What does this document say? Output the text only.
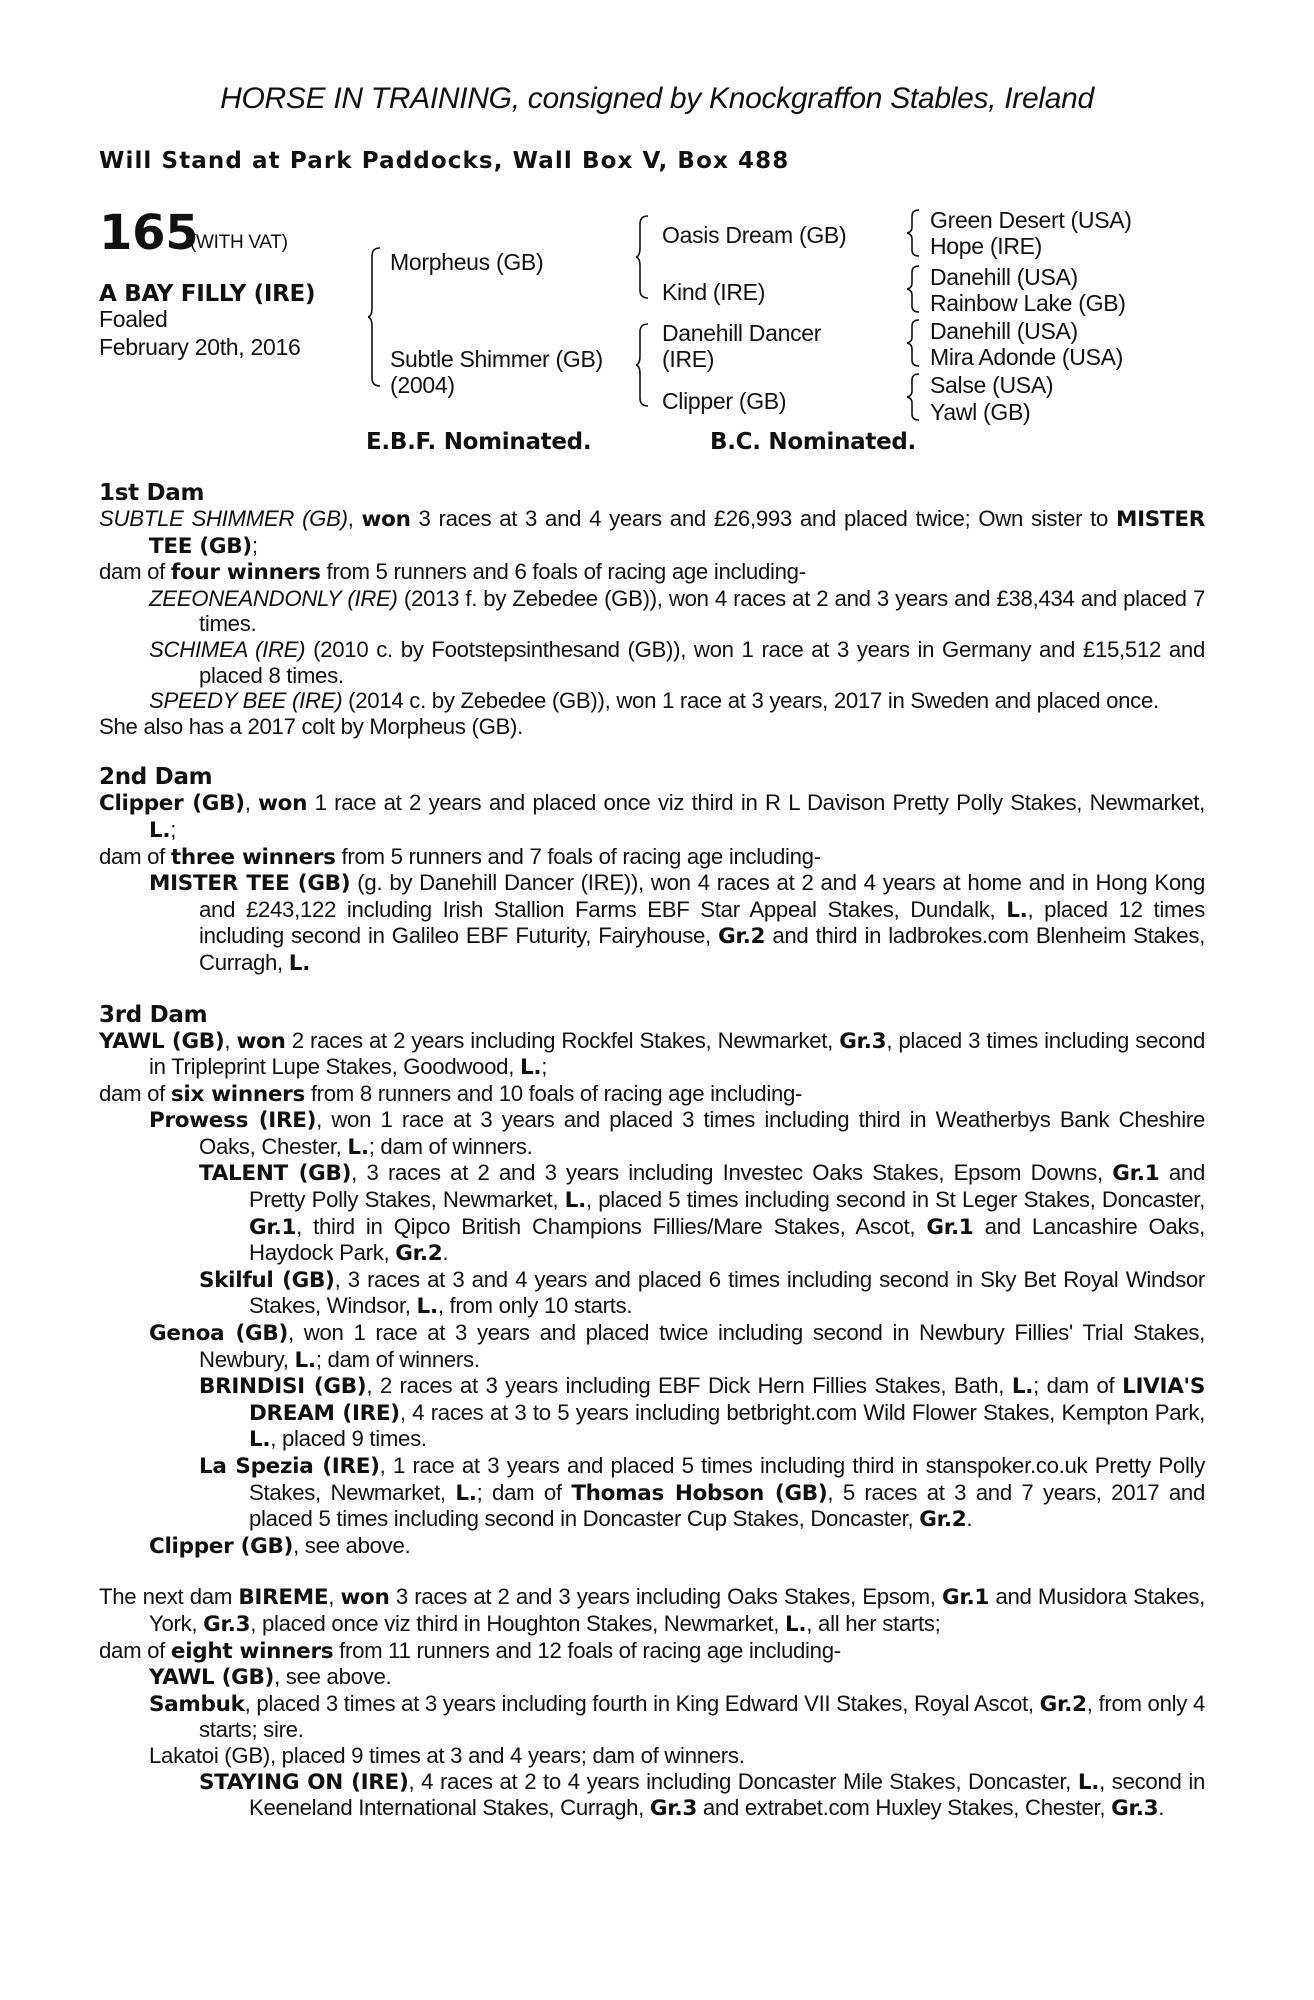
HORSE IN TRAINING, consigned by Knockgraffon Stables, Ireland
Will Stand at Park Paddocks, Wall Box V, Box 488
165
(WITH VAT)
A BAY FILLY (IRE)
Foaled
February 20th, 2016
Morpheus (GB)
Subtle Shimmer (GB)
(2004)
Oasis Dream (GB)
Kind (IRE)
Danehill Dancer
(IRE)
Clipper (GB)
Green Desert (USA)
Hope (IRE)
Danehill (USA)
Rainbow Lake (GB)
Danehill (USA)
Mira Adonde (USA)
Salse (USA)
Yawl (GB)
E.B.F. Nominated.	B.C. Nominated.
1st Dam
SUBTLE SHIMMER (GB), won 3 races at 3 and 4 years and £26,993 and placed twice; Own sister to MISTER TEE (GB);
dam of four winners from 5 runners and 6 foals of racing age including-
ZEEONEANDONLY (IRE) (2013 f. by Zebedee (GB)), won 4 races at 2 and 3 years and £38,434 and placed 7 times.
SCHIMEA (IRE) (2010 c. by Footstepsinthesand (GB)), won 1 race at 3 years in Germany and £15,512 and placed 8 times.
SPEEDY BEE (IRE) (2014 c. by Zebedee (GB)), won 1 race at 3 years, 2017 in Sweden and placed once.
She also has a 2017 colt by Morpheus (GB).
2nd Dam
Clipper (GB), won 1 race at 2 years and placed once viz third in R L Davison Pretty Polly Stakes, Newmarket, L.;
dam of three winners from 5 runners and 7 foals of racing age including-
MISTER TEE (GB) (g. by Danehill Dancer (IRE)), won 4 races at 2 and 4 years at home and in Hong Kong and £243,122 including Irish Stallion Farms EBF Star Appeal Stakes, Dundalk, L., placed 12 times including second in Galileo EBF Futurity, Fairyhouse, Gr.2 and third in ladbrokes.com Blenheim Stakes, Curragh, L.
3rd Dam
YAWL (GB), won 2 races at 2 years including Rockfel Stakes, Newmarket, Gr.3, placed 3 times including second in Tripleprint Lupe Stakes, Goodwood, L.;
dam of six winners from 8 runners and 10 foals of racing age including-
Prowess (IRE), won 1 race at 3 years and placed 3 times including third in Weatherbys Bank Cheshire Oaks, Chester, L.; dam of winners.
TALENT (GB), 3 races at 2 and 3 years including Investec Oaks Stakes, Epsom Downs, Gr.1 and Pretty Polly Stakes, Newmarket, L., placed 5 times including second in St Leger Stakes, Doncaster, Gr.1, third in Qipco British Champions Fillies/Mare Stakes, Ascot, Gr.1 and Lancashire Oaks, Haydock Park, Gr.2.
Skilful (GB), 3 races at 3 and 4 years and placed 6 times including second in Sky Bet Royal Windsor Stakes, Windsor, L., from only 10 starts.
Genoa (GB), won 1 race at 3 years and placed twice including second in Newbury Fillies' Trial Stakes, Newbury, L.; dam of winners.
BRINDISI (GB), 2 races at 3 years including EBF Dick Hern Fillies Stakes, Bath, L.; dam of LIVIA'S DREAM (IRE), 4 races at 3 to 5 years including betbright.com Wild Flower Stakes, Kempton Park, L., placed 9 times.
La Spezia (IRE), 1 race at 3 years and placed 5 times including third in stanspoker.co.uk Pretty Polly Stakes, Newmarket, L.; dam of Thomas Hobson (GB), 5 races at 3 and 7 years, 2017 and placed 5 times including second in Doncaster Cup Stakes, Doncaster, Gr.2.
Clipper (GB), see above.
The next dam BIREME, won 3 races at 2 and 3 years including Oaks Stakes, Epsom, Gr.1 and Musidora Stakes, York, Gr.3, placed once viz third in Houghton Stakes, Newmarket, L., all her starts;
dam of eight winners from 11 runners and 12 foals of racing age including-
YAWL (GB), see above.
Sambuk, placed 3 times at 3 years including fourth in King Edward VII Stakes, Royal Ascot, Gr.2, from only 4 starts; sire.
Lakatoi (GB), placed 9 times at 3 and 4 years; dam of winners.
STAYING ON (IRE), 4 races at 2 to 4 years including Doncaster Mile Stakes, Doncaster, L., second in Keeneland International Stakes, Curragh, Gr.3 and extrabet.com Huxley Stakes, Chester, Gr.3.
